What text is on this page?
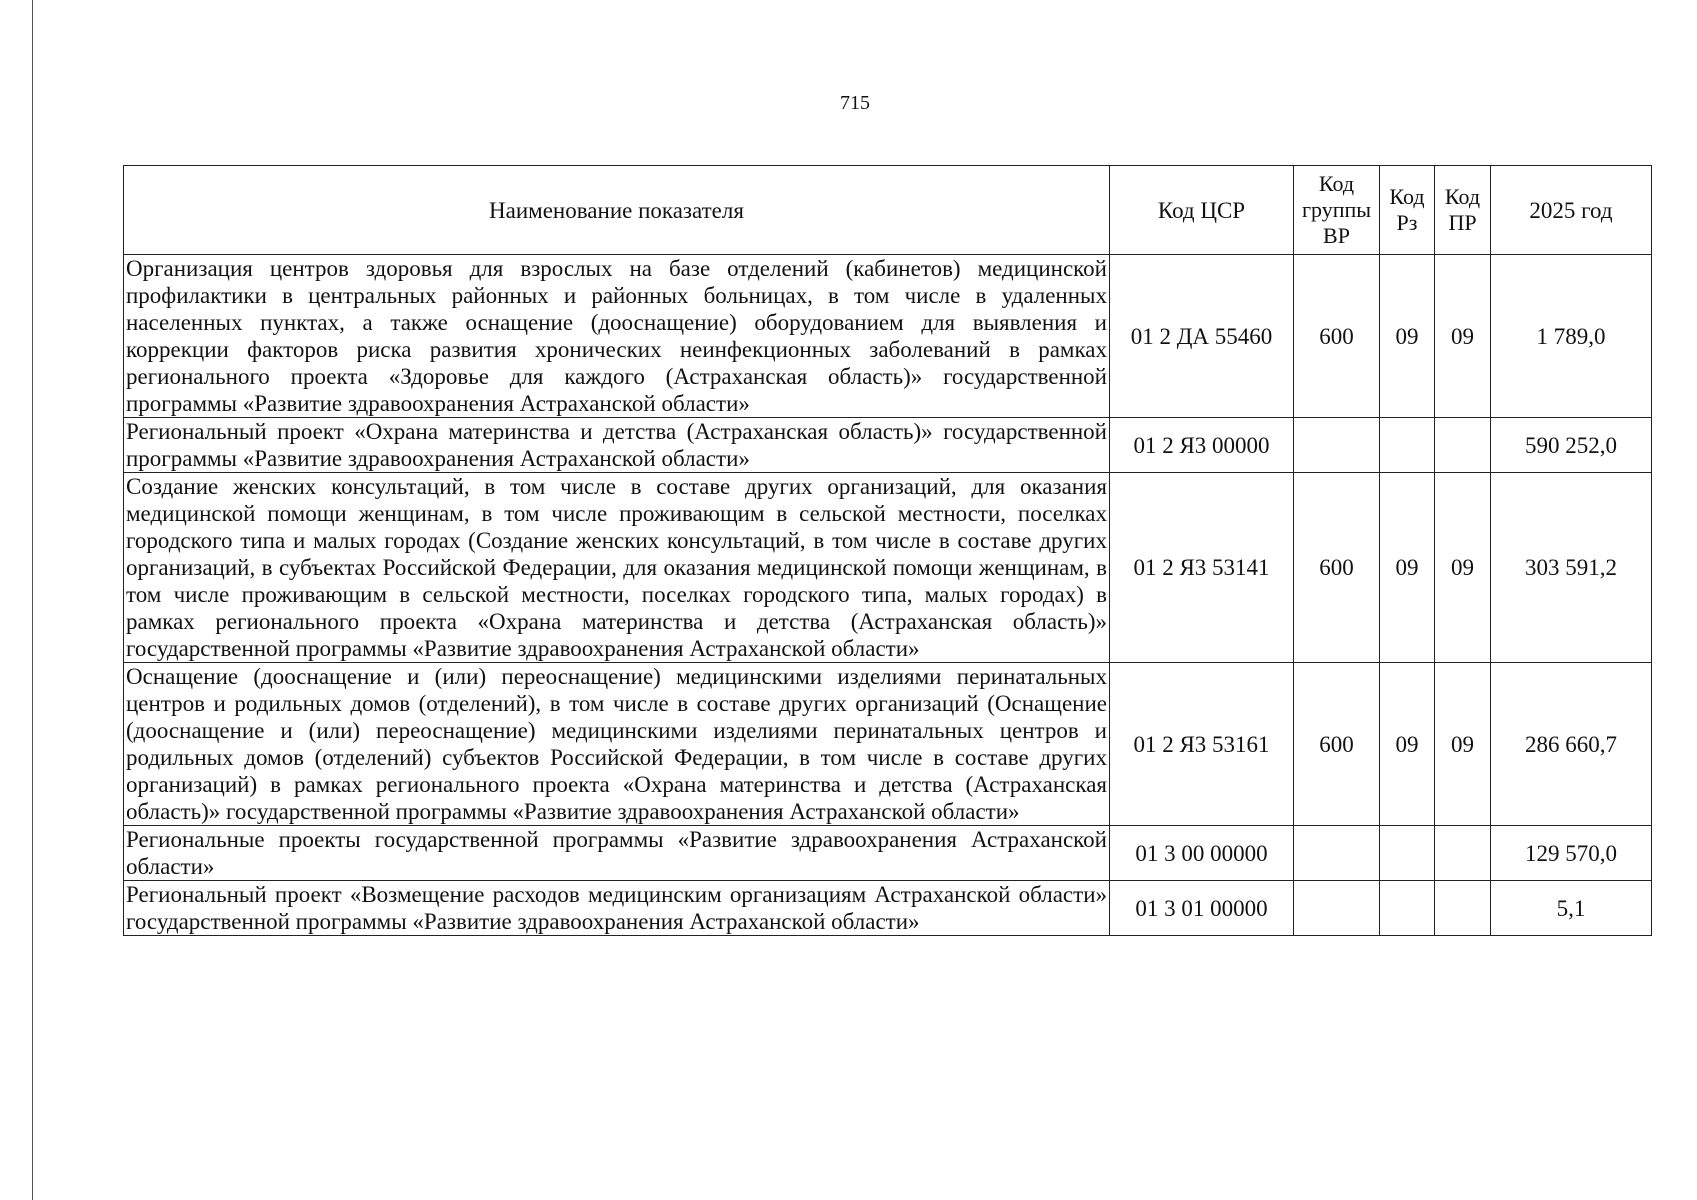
715
Наименование показателя	Код ЦСР	Код группы ВР	Код Рз	Код ПР	2025 год
Организация центров здоровья для взрослых на базе отделений (кабинетов) медицинской профилактики в центральных районных и районных больницах, в том числе в удаленных населенных пунктах, а также оснащение (дооснащение) оборудованием для выявления и коррекции факторов риска развития хронических неинфекционных заболеваний в рамках регионального проекта «Здоровье для каждого (Астраханская область)» государственной программы «Развитие здравоохранения Астраханской области»	01 2 ДА 55460	600	09	09	1 789,0
Региональный проект «Охрана материнства и детства (Астраханская область)» государственной программы «Развитие здравоохранения Астраханской области»	01 2 Я3 00000				590 252,0
Создание женских консультаций, в том числе в составе других организаций, для оказания медицинской помощи женщинам, в том числе проживающим в сельской местности, поселках городского типа и малых городах (Создание женских консультаций, в том числе в составе других организаций, в субъектах Российской Федерации, для оказания медицинской помощи женщинам, в том числе проживающим в сельской местности, поселках городского типа, малых городах) в рамках регионального проекта «Охрана материнства и детства (Астраханская область)» государственной программы «Развитие здравоохранения Астраханской области»	01 2 Я3 53141	600	09	09	303 591,2
Оснащение (дооснащение и (или) переоснащение) медицинскими изделиями перинатальных центров и родильных домов (отделений), в том числе в составе других организаций (Оснащение (дооснащение и (или) переоснащение) медицинскими изделиями перинатальных центров и родильных домов (отделений) субъектов Российской Федерации, в том числе в составе других организаций) в рамках регионального проекта «Охрана материнства и детства (Астраханская область)» государственной программы «Развитие здравоохранения Астраханской области»	01 2 Я3 53161	600	09	09	286 660,7
Региональные проекты государственной программы «Развитие здравоохранения Астраханской области»	01 3 00 00000				129 570,0
Региональный проект «Возмещение расходов медицинским организациям Астраханской области» государственной программы «Развитие здравоохранения Астраханской области»	01 3 01 00000				5,1
